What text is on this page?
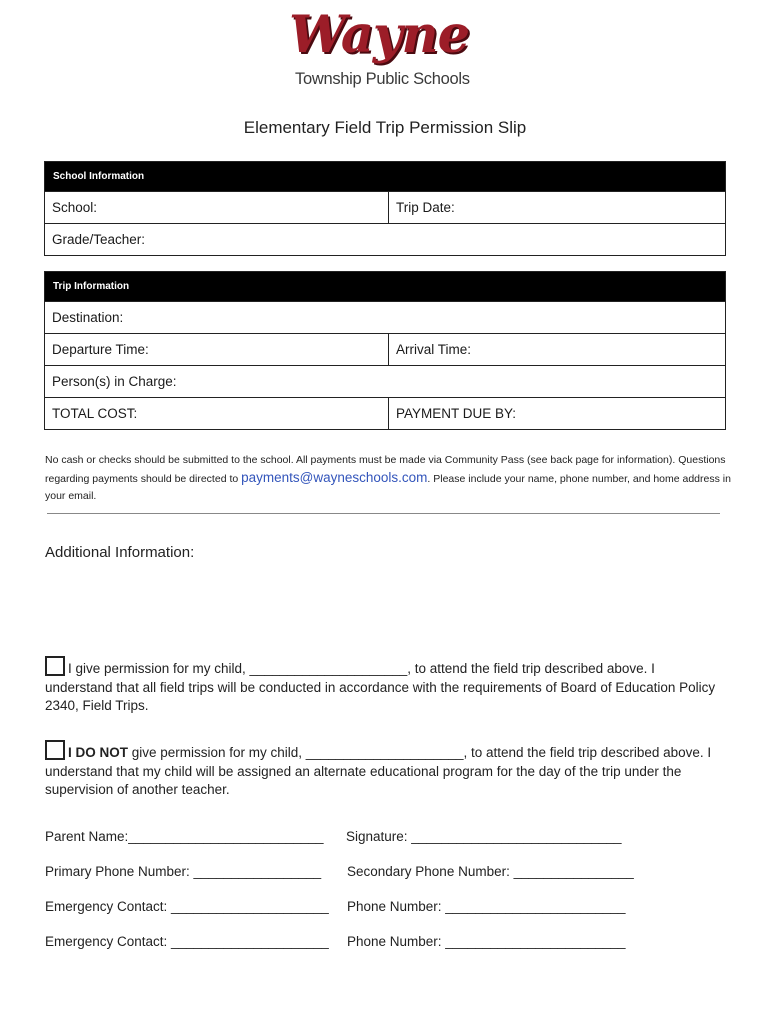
Wayne
Township Public Schools
Elementary Field Trip Permission Slip
School Information
School:	Trip Date:
Grade/Teacher:
Trip Information
Destination:
Departure Time:	Arrival Time:
Person(s) in Charge:
TOTAL COST:	PAYMENT DUE BY:
No cash or checks should be submitted to the school. All payments must be made via Community Pass (see back page for information). Questions regarding payments should be directed to payments@wayneschools.com. Please include your name, phone number, and home address in your email.
Additional Information:
I give permission for my child, _____________________, to attend the field trip described above. I understand that all field trips will be conducted in accordance with the requirements of Board of Education Policy 2340, Field Trips.
I DO NOT give permission for my child, _____________________, to attend the field trip described above. I understand that my child will be assigned an alternate educational program for the day of the trip under the supervision of another teacher.
Parent Name:__________________________ Signature: ____________________________
Primary Phone Number: _________________ Secondary Phone Number: ________________
Emergency Contact: _____________________ Phone Number: ________________________
Emergency Contact: _____________________ Phone Number: ________________________
